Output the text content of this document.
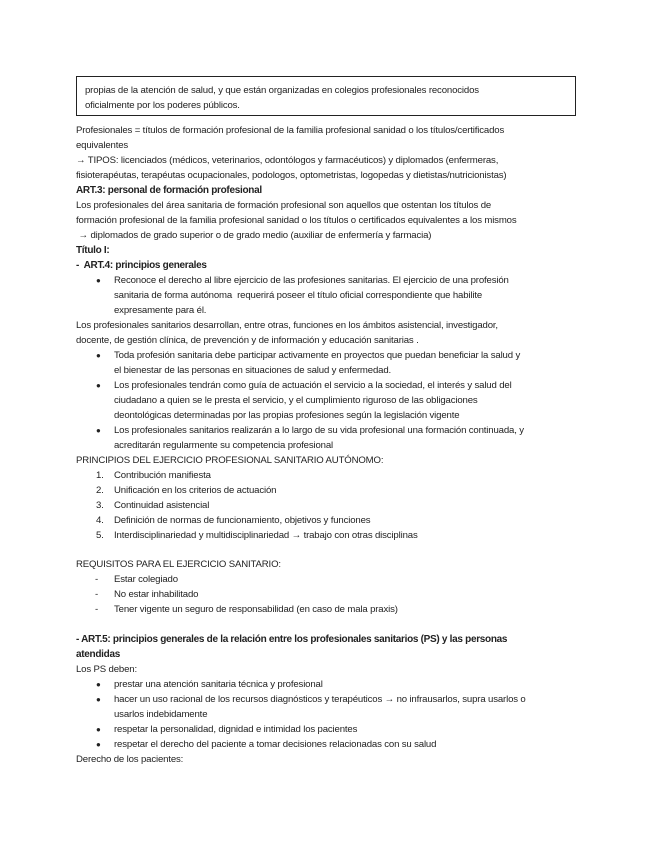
propias de la atención de salud, y que están organizadas en colegios profesionales reconocidos

oficialmente por los poderes públicos.

Profesionales = títulos de formación profesional de la familia profesional sanidad o los títulos/certificados

equivalentes

→ TIPOS: licenciados (médicos, veterinarios, odontólogos y farmacéuticos) y diplomados (enfermeras,

fisioterapéutas, terapéutas ocupacionales, podologos, optometristas, logopedas y dietistas/nutricionistas)

ART.3: personal de formación profesional

Los profesionales del área sanitaria de formación profesional son aquellos que ostentan los títulos de

formación profesional de la familia profesional sanidad o los títulos o certificados equivalentes a los mismos

→ diplomados de grado superior o de grado medio (auxiliar de enfermería y farmacia)

Título I:

-  ART.4: principios generales

● Reconoce el derecho al libre ejercicio de las profesiones sanitarias. El ejercicio de una profesión
sanitaria de forma autónoma  requerirá poseer el título oficial correspondiente que habilite
expresamente para él.

Los profesionales sanitarios desarrollan, entre otras, funciones en los ámbitos asistencial, investigador,

docente, de gestión clínica, de prevención y de información y educación sanitarias .

● Toda profesión sanitaria debe participar activamente en proyectos que puedan beneficiar la salud y
el bienestar de las personas en situaciones de salud y enfermedad.
● Los profesionales tendrán como guía de actuación el servicio a la sociedad, el interés y salud del
ciudadano a quien se le presta el servicio, y el cumplimiento riguroso de las obligaciones
deontológicas determinadas por las propias profesiones según la legislación vigente
● Los profesionales sanitarios realizarán a lo largo de su vida profesional una formación continuada, y
acreditarán regularmente su competencia profesional

PRINCIPIOS DEL EJERCICIO PROFESIONAL SANITARIO AUTÓNOMO:

1. Contribución manifiesta
2. Unificación en los criterios de actuación
3. Continuidad asistencial
4. Definición de normas de funcionamiento, objetivos y funciones
5. Interdisciplinariedad y multidisciplinariedad → trabajo con otras disciplinas

REQUISITOS PARA EL EJERCICIO SANITARIO:

- Estar colegiado
- No estar inhabilitado
- Tener vigente un seguro de responsabilidad (en caso de mala praxis)

- ART.5: principios generales de la relación entre los profesionales sanitarios (PS) y las personas

atendidas

Los PS deben:

● prestar una atención sanitaria técnica y profesional
● hacer un uso racional de los recursos diagnósticos y terapéuticos → no infrausarlos, supra usarlos o
usarlos indebidamente
● respetar la personalidad, dignidad e intimidad los pacientes
● respetar el derecho del paciente a tomar decisiones relacionadas con su salud

Derecho de los pacientes:
